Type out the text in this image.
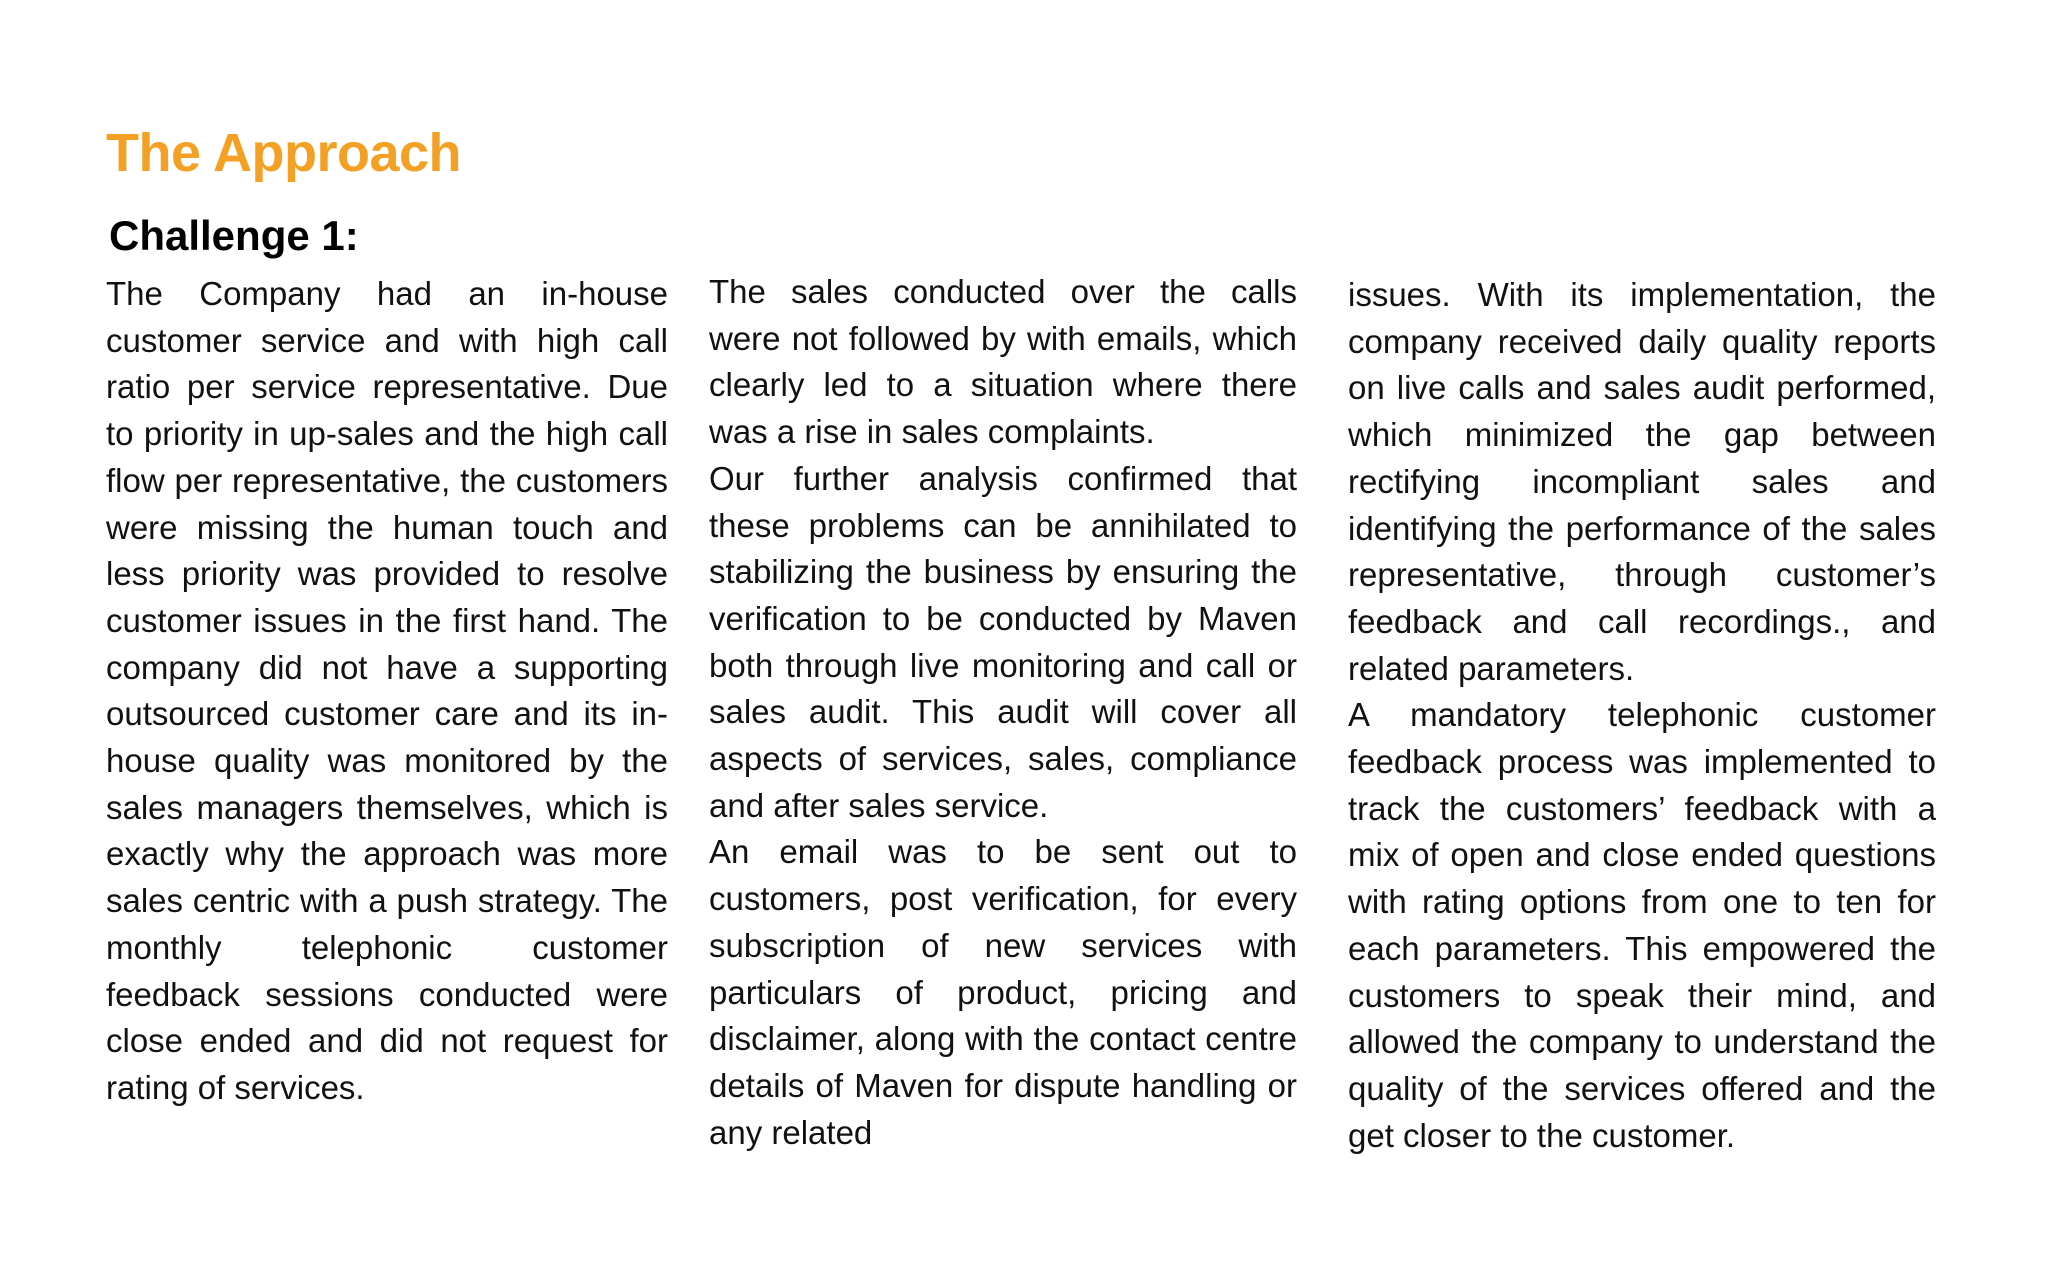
The Approach
Challenge 1:

The Company had an in-house customer service and with high call ratio per service representative. Due to priority in up-sales and the high call flow per representative, the customers were missing the human touch and less priority was provided to resolve customer issues in the first hand. The company did not have a supporting outsourced customer care and its in-house quality was monitored by the sales managers themselves, which is exactly why the approach was more sales centric with a push strategy. The monthly telephonic customer feedback sessions conducted were close ended and did not request for rating of services.

The sales conducted over the calls were not followed by with emails, which clearly led to a situation where there was a rise in sales complaints.

Our further analysis confirmed that these problems can be annihilated to stabilizing the business by ensuring the verification to be conducted by Maven both through live monitoring and call or sales audit. This audit will cover all aspects of services, sales, compliance and after sales service.

An email was to be sent out to customers, post verification, for every subscription of new services with particulars of product, pricing and disclaimer, along with the contact centre details of Maven for dispute handling or any related

issues. With its implementation, the company received daily quality reports on live calls and sales audit performed, which minimized the gap between rectifying incompliant sales and identifying the performance of the sales representative, through customer’s feedback and call recordings., and related parameters.

A mandatory telephonic customer feedback process was implemented to track the customers’ feedback with a mix of open and close ended questions with rating options from one to ten for each parameters. This empowered the customers to speak their mind, and allowed the company to understand the quality of the services offered and the get closer to the customer.
